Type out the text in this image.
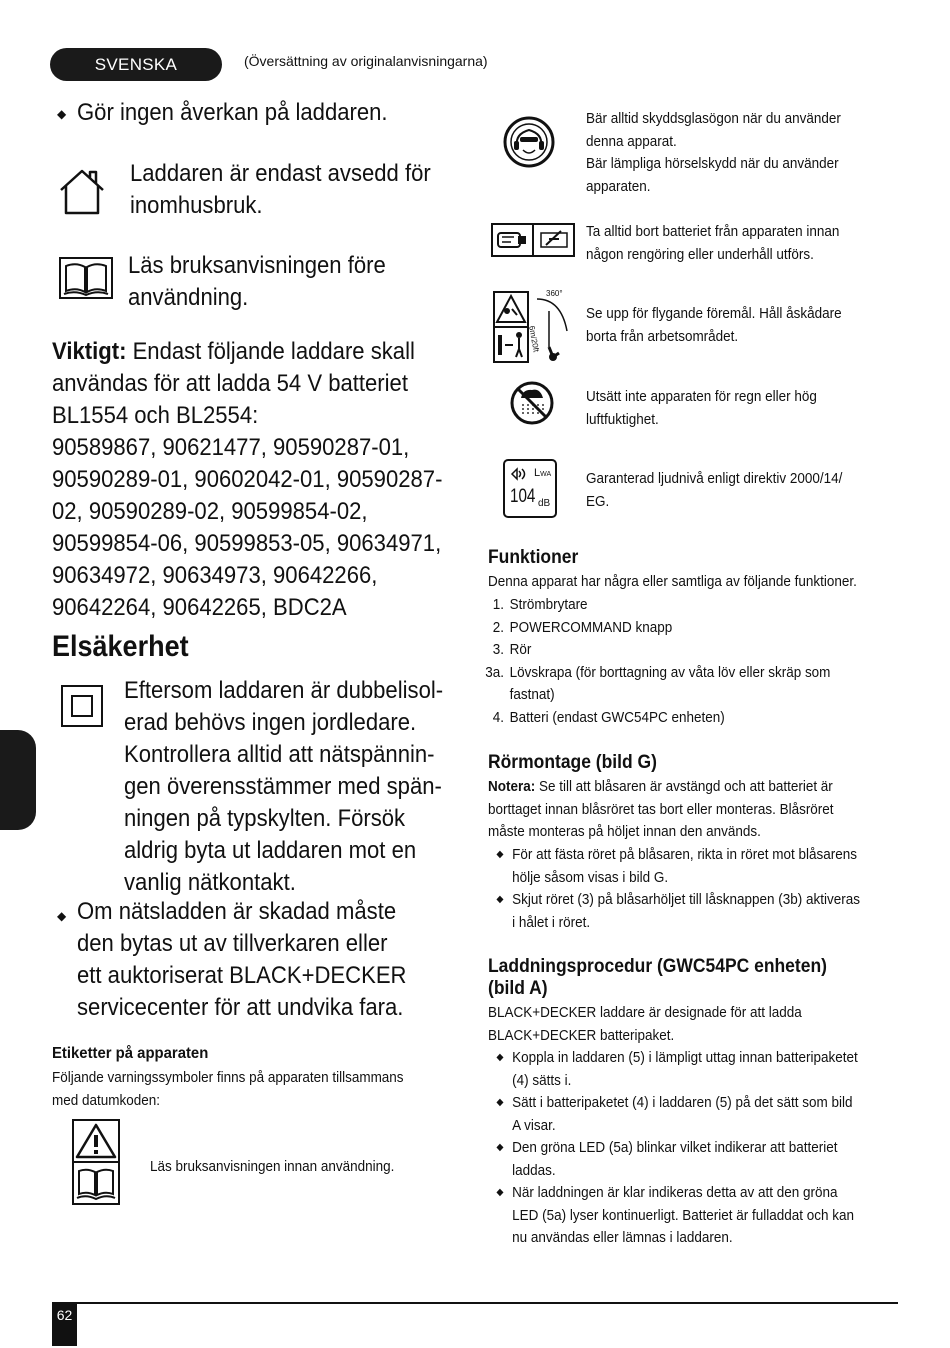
SVENSKA	(Översättning av originalanvisningarna)
◆ Gör ingen åverkan på laddaren.
Laddaren är endast avsedd för
inomhusbruk.
Läs bruksanvisningen före
användning.
Viktigt: Endast följande laddare skall
användas för att ladda 54 V batteriet
BL1554 och BL2554:
90589867, 90621477, 90590287-01,
90590289-01, 90602042-01, 90590287-
02, 90590289-02, 90599854-02,
90599854-06, 90599853-05, 90634971,
90634972, 90634973, 90642266,
90642264, 90642265, BDC2A
Elsäkerhet
Eftersom laddaren är dubbelisol-
erad behövs ingen jordledare.
Kontrollera alltid att nätspännin-
gen överensstämmer med spän-
ningen på typskylten. Försök
aldrig byta ut laddaren mot en
vanlig nätkontakt.
◆ Om nätsladden är skadad måste
den bytas ut av tillverkaren eller
ett auktoriserat BLACK+DECKER
servicecenter för att undvika fara.
Etiketter på apparaten
Följande varningssymboler finns på apparaten tillsammans
med datumkoden:
Läs bruksanvisningen innan användning.
Bär alltid skyddsglasögon när du använder
denna apparat.
Bär lämpliga hörselskydd när du använder
apparaten.
Ta alltid bort batteriet från apparaten innan
någon rengöring eller underhåll utförs.
360°
6m/20ft
Se upp för flygande föremål. Håll åskådare
borta från arbetsområdet.
Utsätt inte apparaten för regn eller hög
luftfuktighet.
LWA
104 dB
Garanterad ljudnivå enligt direktiv 2000/14/
EG.
Funktioner
Denna apparat har några eller samtliga av följande funktioner.
1. Strömbrytare
2. POWERCOMMAND knapp
3. Rör
3a. Lövskrapa (för borttagning av våta löv eller skräp som
fastnat)
4. Batteri (endast GWC54PC enheten)
Rörmontage (bild G)
Notera: Se till att blåsaren är avstängd och att batteriet är
borttaget innan blåsröret tas bort eller monteras. Blåsröret
måste monteras på höljet innan den används.
◆ För att fästa röret på blåsaren, rikta in röret mot blåsarens
hölje såsom visas i bild G.
◆ Skjut röret (3) på blåsarhöljet till låsknappen (3b) aktiveras
i hålet i röret.
Laddningsprocedur (GWC54PC enheten)
(bild A)
BLACK+DECKER laddare är designade för att ladda
BLACK+DECKER batteripaket.
◆ Koppla in laddaren (5) i lämpligt uttag innan batteripaketet
(4) sätts i.
◆ Sätt i batteripaketet (4) i laddaren (5) på det sätt som bild
A visar.
◆ Den gröna LED (5a) blinkar vilket indikerar att batteriet
laddas.
◆ När laddningen är klar indikeras detta av att den gröna
LED (5a) lyser kontinuerligt. Batteriet är fulladdat och kan
nu användas eller lämnas i laddaren.
62
